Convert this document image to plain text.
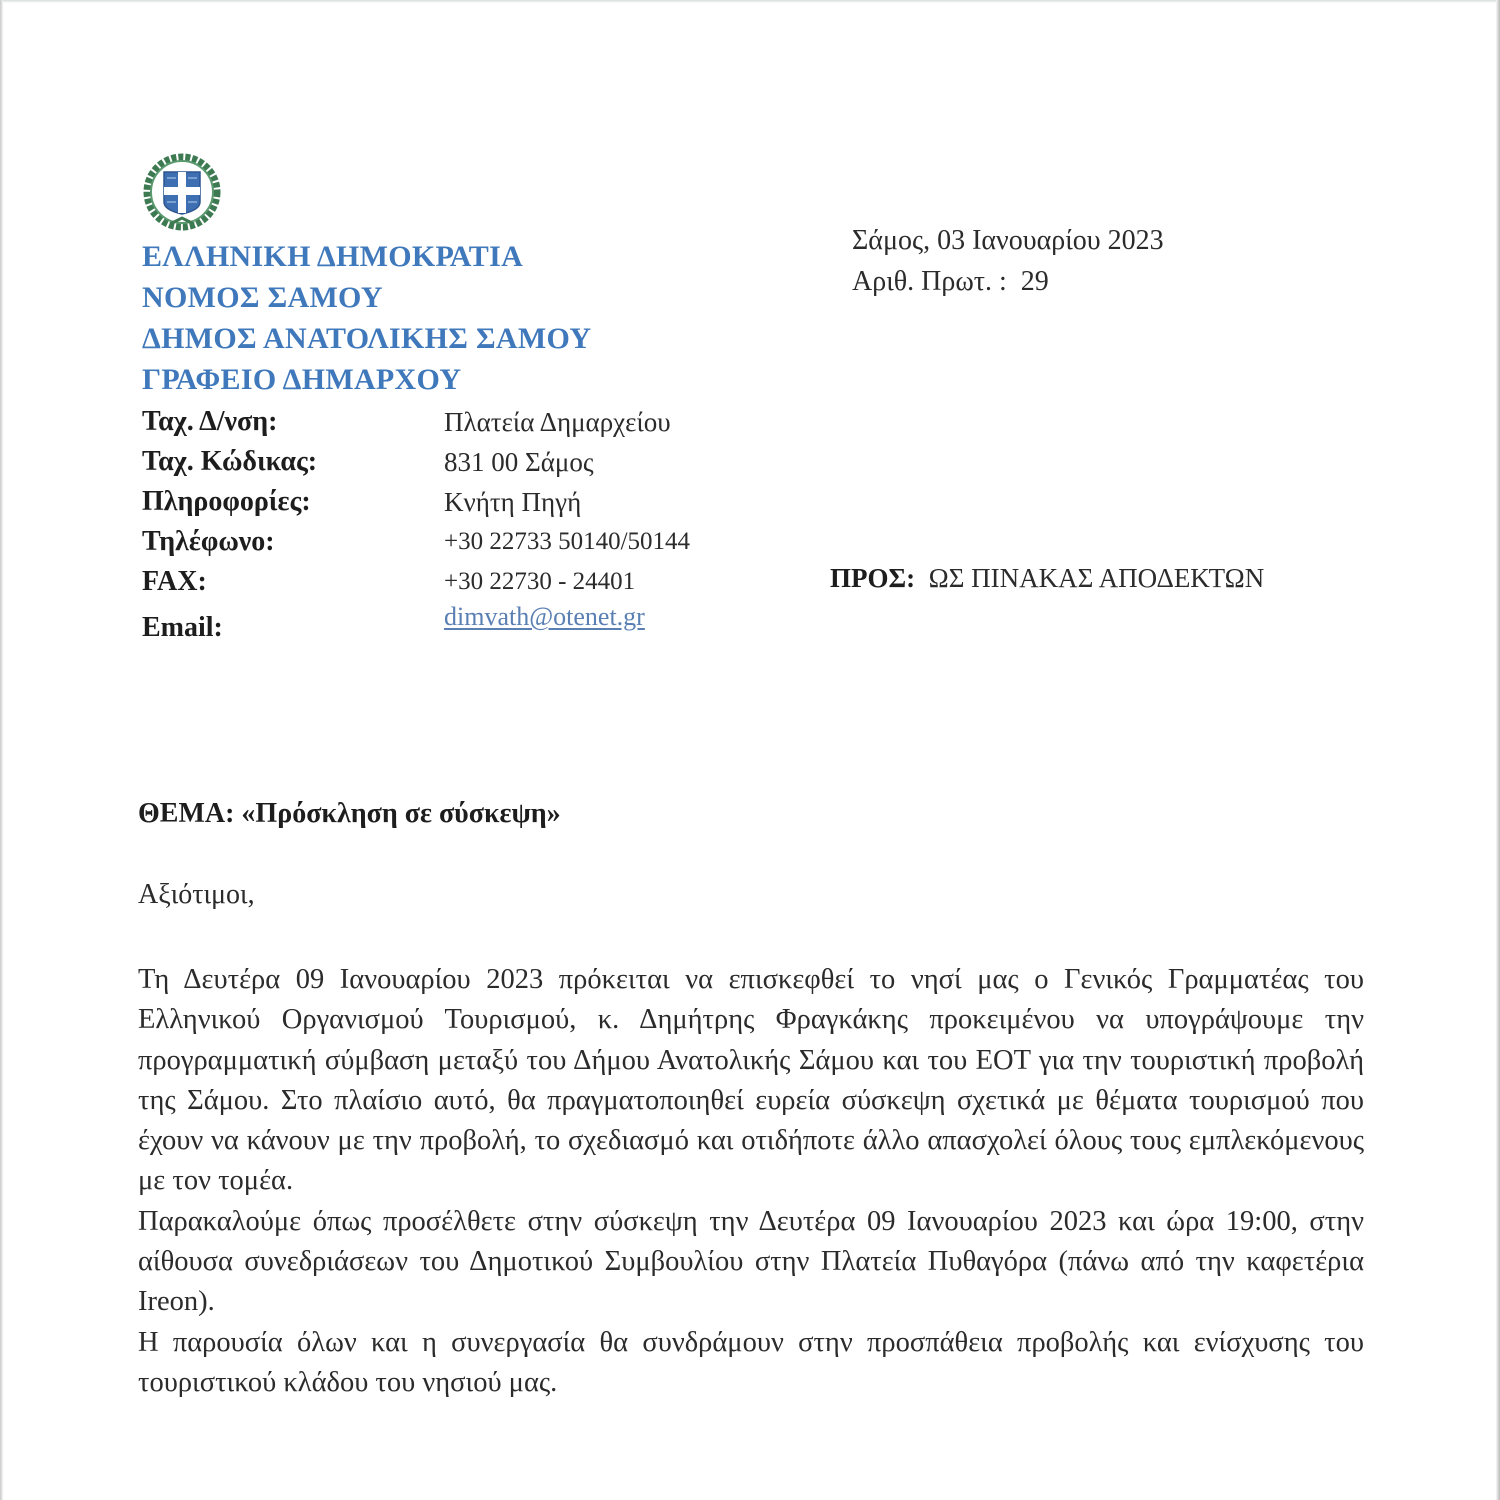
ΕΛΛΗΝΙΚΗ ΔΗΜΟΚΡΑΤΙΑ
ΝΟΜΟΣ ΣΑΜΟΥ
ΔΗΜΟΣ ΑΝΑΤΟΛΙΚΗΣ ΣΑΜΟΥ
ΓΡΑΦΕΙΟ ΔΗΜΑΡΧΟΥ
Ταχ. Δ/νση:	Πλατεία Δημαρχείου
Ταχ. Κώδικας:	831 00 Σάμος
Πληροφορίες:	Κνήτη Πηγή
Τηλέφωνο:	+30 22733 50140/50144
FAX:	+30 22730 - 24401
Email:	dimvath@otenet.gr
Σάμος, 03 Ιανουαρίου 2023
Αριθ. Πρωτ. : 29
ΠΡΟΣ: ΩΣ ΠΙΝΑΚΑΣ ΑΠΟΔΕΚΤΩΝ
ΘΕΜΑ: «Πρόσκληση σε σύσκεψη»
Αξιότιμοι,

Τη Δευτέρα 09 Ιανουαρίου 2023 πρόκειται να επισκεφθεί το νησί μας ο Γενικός Γραμματέας του Ελληνικού Οργανισμού Τουρισμού, κ. Δημήτρης Φραγκάκης προκειμένου να υπογράψουμε την προγραμματική σύμβαση μεταξύ του Δήμου Ανατολικής Σάμου και του ΕΟΤ για την τουριστική προβολή της Σάμου. Στο πλαίσιο αυτό, θα πραγματοποιηθεί ευρεία σύσκεψη σχετικά με θέματα τουρισμού που έχουν να κάνουν με την προβολή, το σχεδιασμό και οτιδήποτε άλλο απασχολεί όλους τους εμπλεκόμενους με τον τομέα.

Παρακαλούμε όπως προσέλθετε στην σύσκεψη την Δευτέρα 09 Ιανουαρίου 2023 και ώρα 19:00, στην αίθουσα συνεδριάσεων του Δημοτικού Συμβουλίου στην Πλατεία Πυθαγόρα (πάνω από την καφετέρια Ireon).

Η παρουσία όλων και η συνεργασία θα συνδράμουν στην προσπάθεια προβολής και ενίσχυσης του τουριστικού κλάδου του νησιού μας.
